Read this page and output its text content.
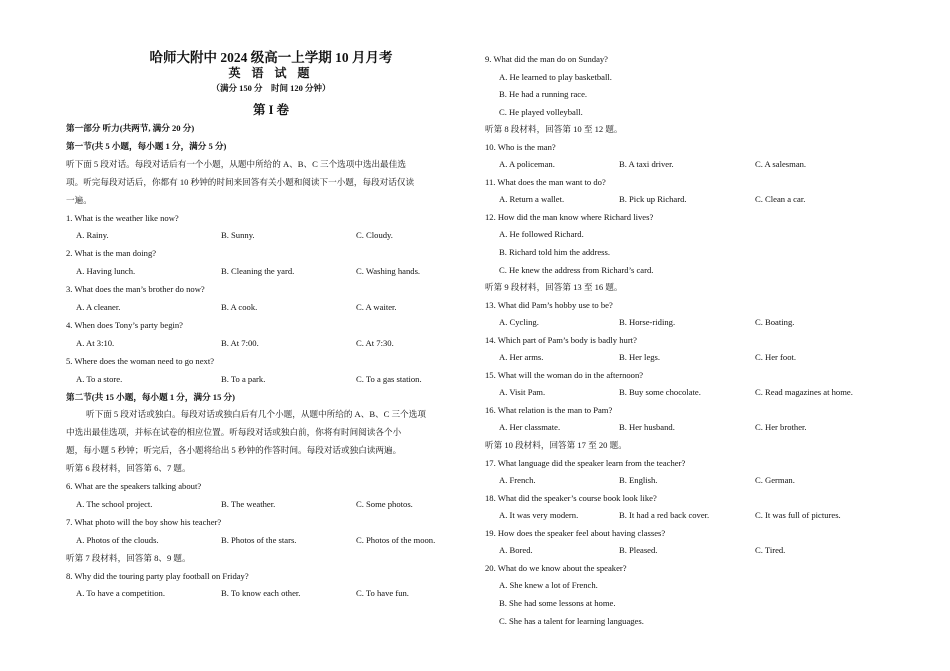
哈师大附中 2024 级高一上学期 10 月月考
英 语 试 题
（满分 150 分　时间 120 分钟）
第 I 卷
第一部分 听力(共两节, 满分 20 分)
第一节(共 5 小题，每小题 1 分，满分 5 分)
听下面 5 段对话。每段对话后有一个小题，从题中所给的 A、B、C 三个选项中选出最佳选
项。听完每段对话后，你都有 10 秒钟的时间来回答有关小题和阅读下一小题，每段对话仅读
一遍。
1. What is the weather like now?
A. Rainy.	B. Sunny.	C. Cloudy.
2. What is the man doing?
A. Having lunch.	B. Cleaning the yard.	C. Washing hands.
3. What does the man’s brother do now?
A. A cleaner.	B. A cook.	C. A waiter.
4. When does Tony’s party begin?
A. At 3:10.	B. At 7:00.	C. At 7:30.
5. Where does the woman need to go next?
A. To a store.	B. To a park.	C. To a gas station.
第二节(共 15 小题，每小题 1 分，满分 15 分)
听下面 5 段对话或独白。每段对话或独白后有几个小题，从题中所给的 A、B、C 三个选项
中选出最佳选项，并标在试卷的相应位置。听每段对话或独白前，你将有时间阅读各个小
题，每小题 5 秒钟；听完后，各小题将给出 5 秒钟的作答时间。每段对话或独白读两遍。
听第 6 段材料，回答第 6、7 题。
6. What are the speakers talking about?
A. The school project.	B. The weather.	C. Some photos.
7. What photo will the boy show his teacher?
A. Photos of the clouds.	B. Photos of the stars.	C. Photos of the moon.
听第 7 段材料，回答第 8、9 题。
8. Why did the touring party play football on Friday?
A. To have a competition.	B. To know each other.	C. To have fun.
9. What did the man do on Sunday?
A. He learned to play basketball.
B. He had a running race.
C. He played volleyball.
听第 8 段材料，回答第 10 至 12 题。
10. Who is the man?
A. A policeman.	B. A taxi driver.	C. A salesman.
11. What does the man want to do?
A. Return a wallet.	B. Pick up Richard.	C. Clean a car.
12. How did the man know where Richard lives?
A. He followed Richard.
B. Richard told him the address.
C. He knew the address from Richard’s card.
听第 9 段材料，回答第 13 至 16 题。
13. What did Pam’s hobby use to be?
A. Cycling.	B. Horse-riding.	C. Boating.
14. Which part of Pam’s body is badly hurt?
A. Her arms.	B. Her legs.	C. Her foot.
15. What will the woman do in the afternoon?
A. Visit Pam.	B. Buy some chocolate.	C. Read magazines at home.
16. What relation is the man to Pam?
A. Her classmate.	B. Her husband.	C. Her brother.
听第 10 段材料，回答第 17 至 20 题。
17. What language did the speaker learn from the teacher?
A. French.	B. English.	C. German.
18. What did the speaker’s course book look like?
A. It was very modern.	B. It had a red back cover.	C. It was full of pictures.
19. How does the speaker feel about having classes?
A. Bored.	B. Pleased.	C. Tired.
20. What do we know about the speaker?
A. She knew a lot of French.
B. She had some lessons at home.
C. She has a talent for learning languages.
